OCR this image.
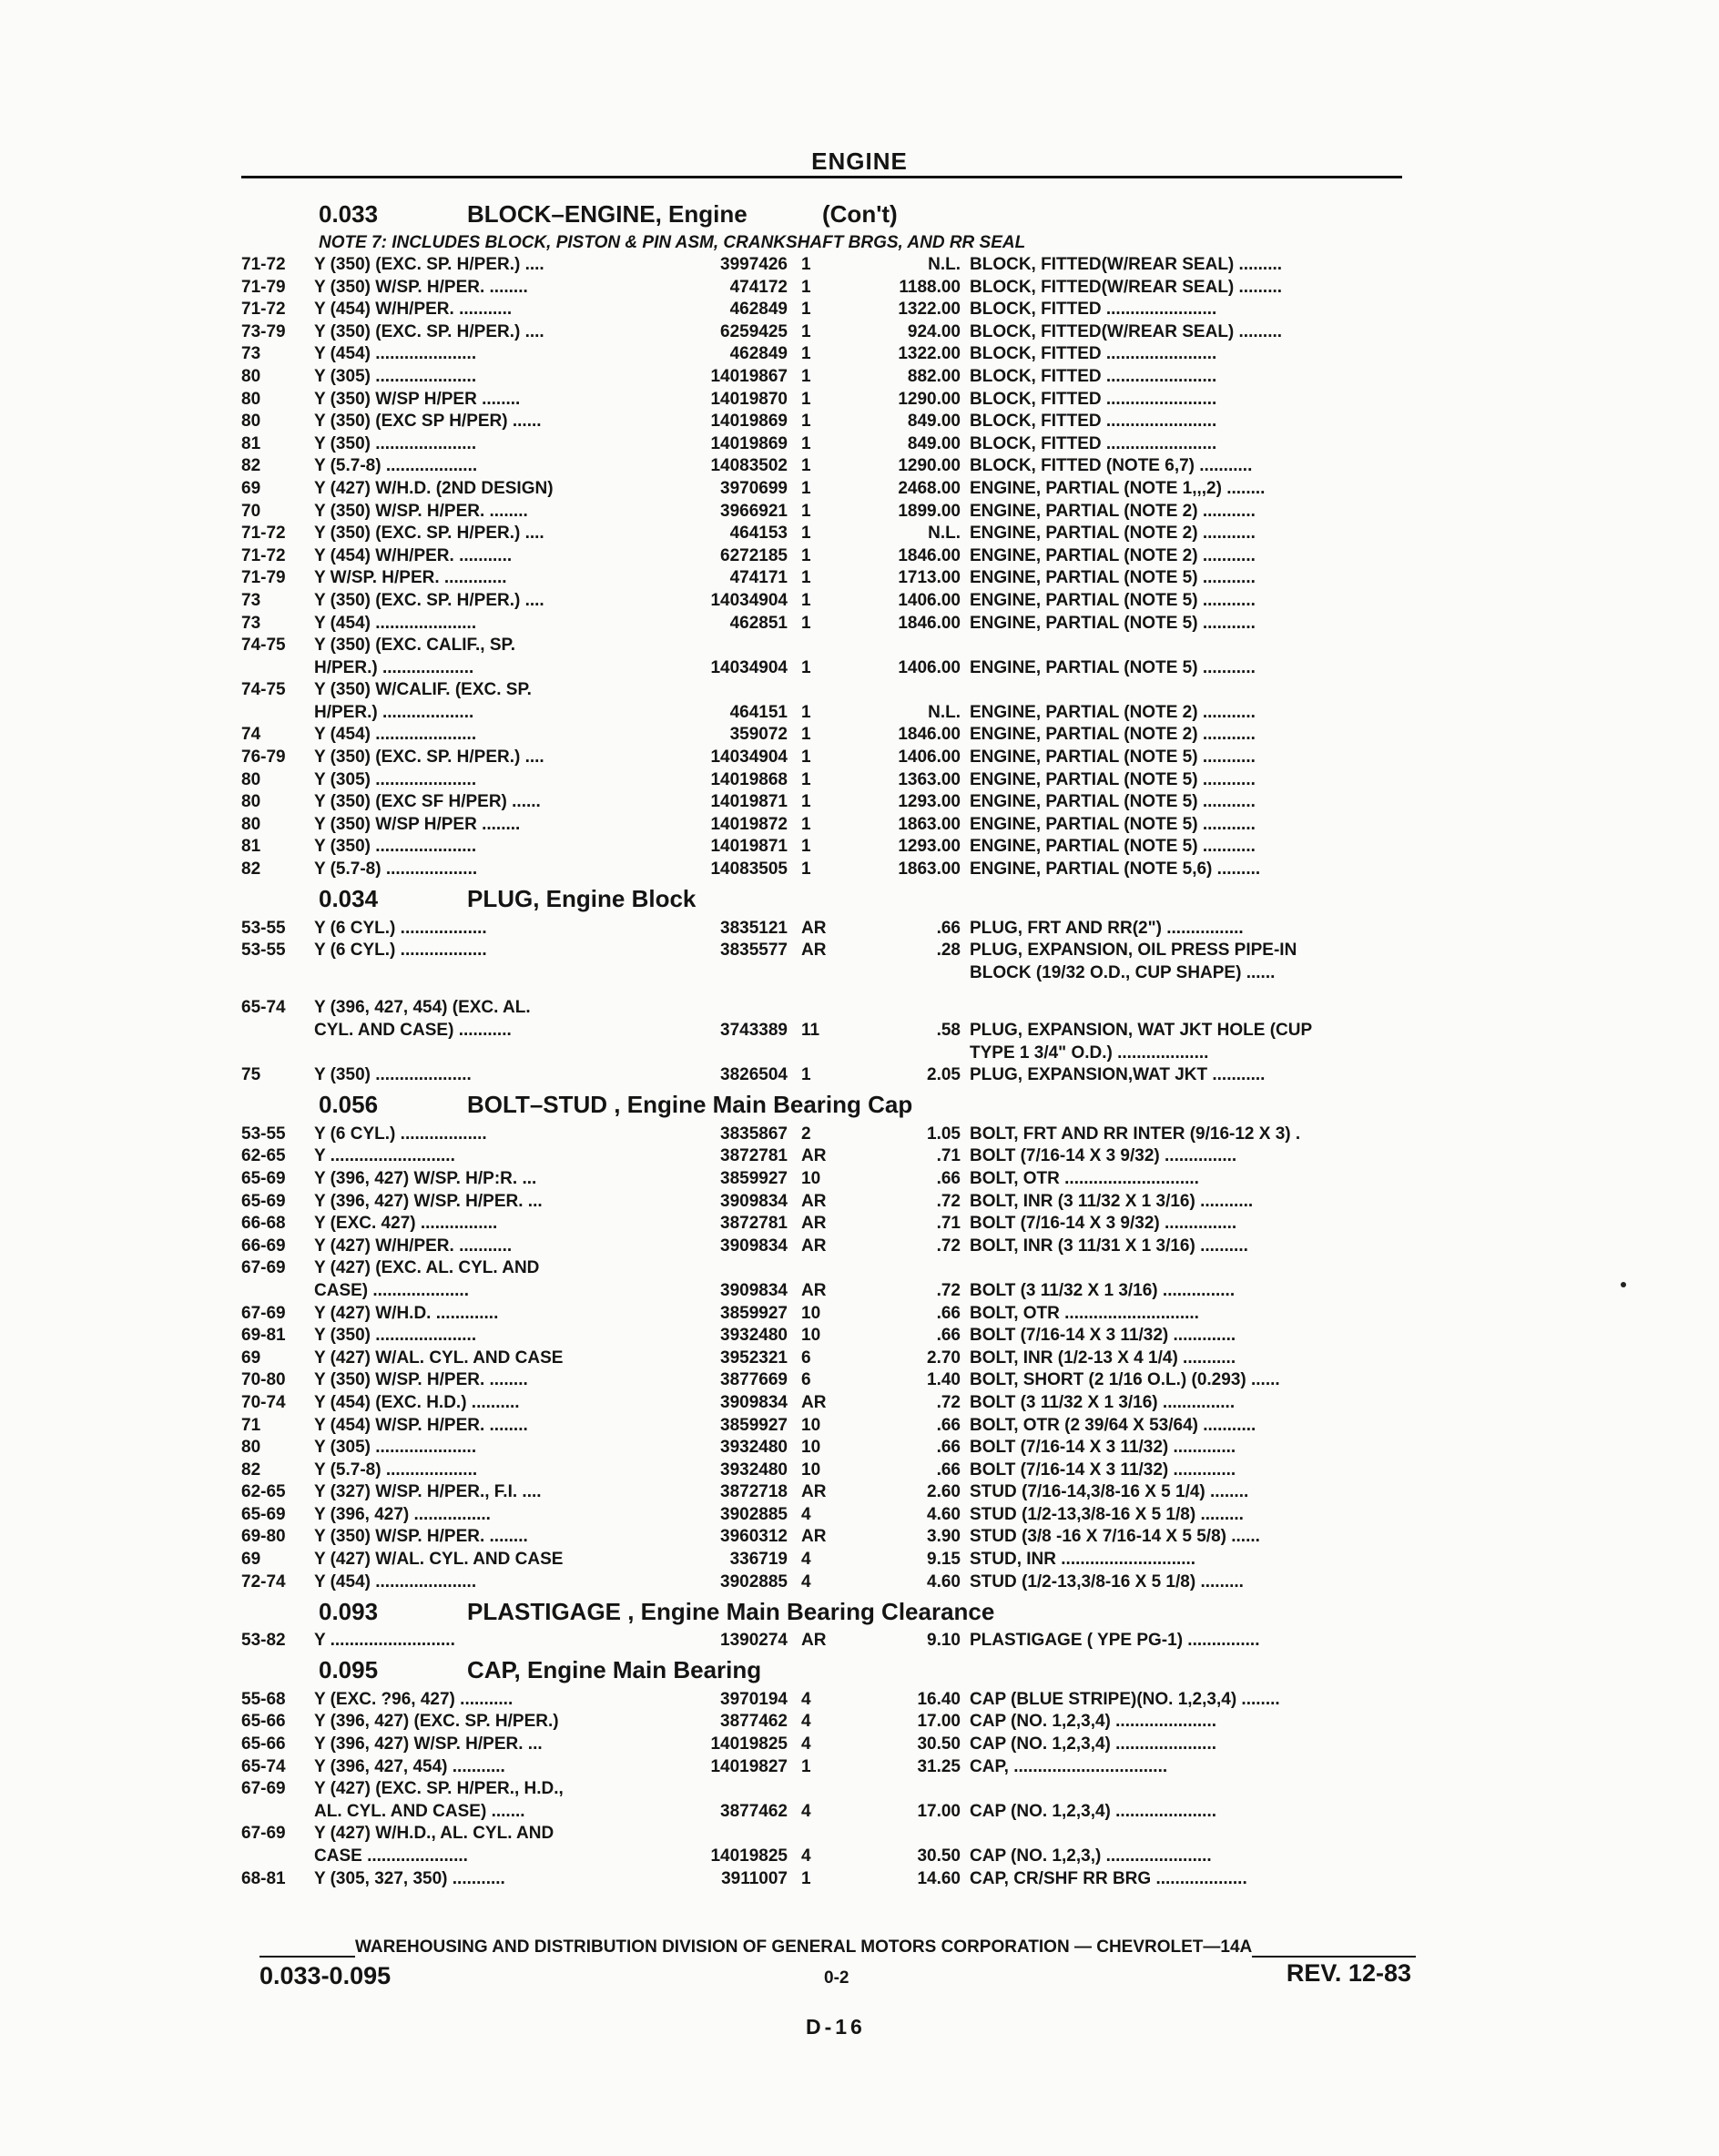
ENGINE
0.033	BLOCK–ENGINE, Engine	(Con't)
NOTE 7: INCLUDES BLOCK, PISTON & PIN ASM, CRANKSHAFT BRGS, AND RR SEAL
71-72	Y (350) (EXC. SP. H/PER.) ....	3997426 1	N.L. BLOCK, FITTED(W/REAR SEAL) .........
71-79	Y (350) W/SP. H/PER. ........	474172 1	1188.00 BLOCK, FITTED(W/REAR SEAL) .........
71-72	Y (454) W/H/PER. ...........	462849 1	1322.00 BLOCK, FITTED .......................
73-79	Y (350) (EXC. SP. H/PER.) ....	6259425 1	924.00 BLOCK, FITTED(W/REAR SEAL) .........
73	Y (454) .....................	462849 1	1322.00 BLOCK, FITTED .......................
80	Y (305) .....................	14019867 1	882.00 BLOCK, FITTED .......................
80	Y (350) W/SP H/PER ........	14019870 1	1290.00 BLOCK, FITTED .......................
80	Y (350) (EXC SP H/PER) ......	14019869 1	849.00 BLOCK, FITTED .......................
81	Y (350) .....................	14019869 1	849.00 BLOCK, FITTED .......................
82	Y (5.7-8) ...................	14083502 1	1290.00 BLOCK, FITTED (NOTE 6,7) ...........
69	Y (427) W/H.D. (2ND DESIGN)	3970699 1	2468.00 ENGINE, PARTIAL (NOTE 1,,,2) ........
70	Y (350) W/SP. H/PER. ........	3966921 1	1899.00 ENGINE, PARTIAL (NOTE 2) ...........
71-72	Y (350) (EXC. SP. H/PER.) ....	464153 1	N.L. ENGINE, PARTIAL (NOTE 2) ...........
71-72	Y (454) W/H/PER. ...........	6272185 1	1846.00 ENGINE, PARTIAL (NOTE 2) ...........
71-79	Y W/SP. H/PER. .............	474171 1	1713.00 ENGINE, PARTIAL (NOTE 5) ...........
73	Y (350) (EXC. SP. H/PER.) ....	14034904 1	1406.00 ENGINE, PARTIAL (NOTE 5) ...........
73	Y (454) .....................	462851 1	1846.00 ENGINE, PARTIAL (NOTE 5) ...........
74-75	Y (350) (EXC. CALIF., SP.
H/PER.) ...................	14034904 1	1406.00 ENGINE, PARTIAL (NOTE 5) ...........
74-75	Y (350) W/CALIF. (EXC. SP.
H/PER.) ...................	464151 1	N.L. ENGINE, PARTIAL (NOTE 2) ...........
74	Y (454) .....................	359072 1	1846.00 ENGINE, PARTIAL (NOTE 2) ...........
76-79	Y (350) (EXC. SP. H/PER.) ....	14034904 1	1406.00 ENGINE, PARTIAL (NOTE 5) ...........
80	Y (305) .....................	14019868 1	1363.00 ENGINE, PARTIAL (NOTE 5) ...........
80	Y (350) (EXC SF H/PER) ......	14019871 1	1293.00 ENGINE, PARTIAL (NOTE 5) ...........
80	Y (350) W/SP H/PER ........	14019872 1	1863.00 ENGINE, PARTIAL (NOTE 5) ...........
81	Y (350) .....................	14019871 1	1293.00 ENGINE, PARTIAL (NOTE 5) ...........
82	Y (5.7-8) ...................	14083505 1	1863.00 ENGINE, PARTIAL (NOTE 5,6) .........
0.034	PLUG, Engine Block
53-55	Y (6 CYL.) ..................	3835121 AR	.66 PLUG, FRT AND RR(2") ................
53-55	Y (6 CYL.) ..................	3835577 AR	.28 PLUG, EXPANSION, OIL PRESS PIPE-IN
BLOCK (19/32 O.D., CUP SHAPE) ......
65-74	Y (396, 427, 454) (EXC. AL.
CYL. AND CASE) ...........	3743389 11	.58 PLUG, EXPANSION, WAT JKT HOLE (CUP
TYPE 1 3/4" O.D.) ...................
75	Y (350) ....................	3826504 1	2.05 PLUG, EXPANSION,WAT JKT ...........
0.056	BOLT–STUD , Engine Main Bearing Cap
53-55	Y (6 CYL.) ..................	3835867 2	1.05 BOLT, FRT AND RR INTER (9/16-12 X 3) .
62-65	Y ..........................	3872781 AR	.71 BOLT (7/16-14 X 3 9/32) ...............
65-69	Y (396, 427) W/SP. H/P:R. ...	3859927 10	.66 BOLT, OTR ............................
65-69	Y (396, 427) W/SP. H/PER. ...	3909834 AR	.72 BOLT, INR (3 11/32 X 1 3/16) ...........
66-68	Y (EXC. 427) ................	3872781 AR	.71 BOLT (7/16-14 X 3 9/32) ...............
66-69	Y (427) W/H/PER. ...........	3909834 AR	.72 BOLT, INR (3 11/31 X 1 3/16) ..........
67-69	Y (427) (EXC. AL. CYL. AND
CASE) ....................	3909834 AR	.72 BOLT (3 11/32 X 1 3/16) ...............
67-69	Y (427) W/H.D. .............	3859927 10	.66 BOLT, OTR ............................
69-81	Y (350) .....................	3932480 10	.66 BOLT (7/16-14 X 3 11/32) .............
69	Y (427) W/AL. CYL. AND CASE	3952321 6	2.70 BOLT, INR (1/2-13 X 4 1/4) ...........
70-80	Y (350) W/SP. H/PER. ........	3877669 6	1.40 BOLT, SHORT (2 1/16 O.L.) (0.293) ......
70-74	Y (454) (EXC. H.D.) ..........	3909834 AR	.72 BOLT (3 11/32 X 1 3/16) ...............
71	Y (454) W/SP. H/PER. ........	3859927 10	.66 BOLT, OTR (2 39/64 X 53/64) ...........
80	Y (305) .....................	3932480 10	.66 BOLT (7/16-14 X 3 11/32) .............
82	Y (5.7-8) ...................	3932480 10	.66 BOLT (7/16-14 X 3 11/32) .............
62-65	Y (327) W/SP. H/PER., F.I. ....	3872718 AR	2.60 STUD (7/16-14,3/8-16 X 5 1/4) ........
65-69	Y (396, 427) ................	3902885 4	4.60 STUD (1/2-13,3/8-16 X 5 1/8) .........
69-80	Y (350) W/SP. H/PER. ........	3960312 AR	3.90 STUD (3/8 -16 X 7/16-14 X 5 5/8) ......
69	Y (427) W/AL. CYL. AND CASE	336719 4	9.15 STUD, INR ............................
72-74	Y (454) .....................	3902885 4	4.60 STUD (1/2-13,3/8-16 X 5 1/8) .........
0.093	PLASTIGAGE , Engine Main Bearing Clearance
53-82	Y ..........................	1390274 AR	9.10 PLASTIGAGE ( YPE PG-1) ...............
0.095	CAP, Engine Main Bearing
55-68	Y (EXC. ?96, 427) ...........	3970194 4	16.40 CAP (BLUE STRIPE)(NO. 1,2,3,4) ........
65-66	Y (396, 427) (EXC. SP. H/PER.)	3877462 4	17.00 CAP (NO. 1,2,3,4) .....................
65-66	Y (396, 427) W/SP. H/PER. ...	14019825 4	30.50 CAP (NO. 1,2,3,4) .....................
65-74	Y (396, 427, 454) ...........	14019827 1	31.25 CAP, ................................
67-69	Y (427) (EXC. SP. H/PER., H.D.,
AL. CYL. AND CASE) .......	3877462 4	17.00 CAP (NO. 1,2,3,4) .....................
67-69	Y (427) W/H.D., AL. CYL. AND
CASE .....................	14019825 4	30.50 CAP (NO. 1,2,3,) ......................
68-81	Y (305, 327, 350) ...........	3911007 1	14.60 CAP, CR/SHF RR BRG ...................
WAREHOUSING AND DISTRIBUTION DIVISION OF GENERAL MOTORS CORPORATION — CHEVROLET—14A
0.033-0.095	0-2	REV. 12-83
D-16
